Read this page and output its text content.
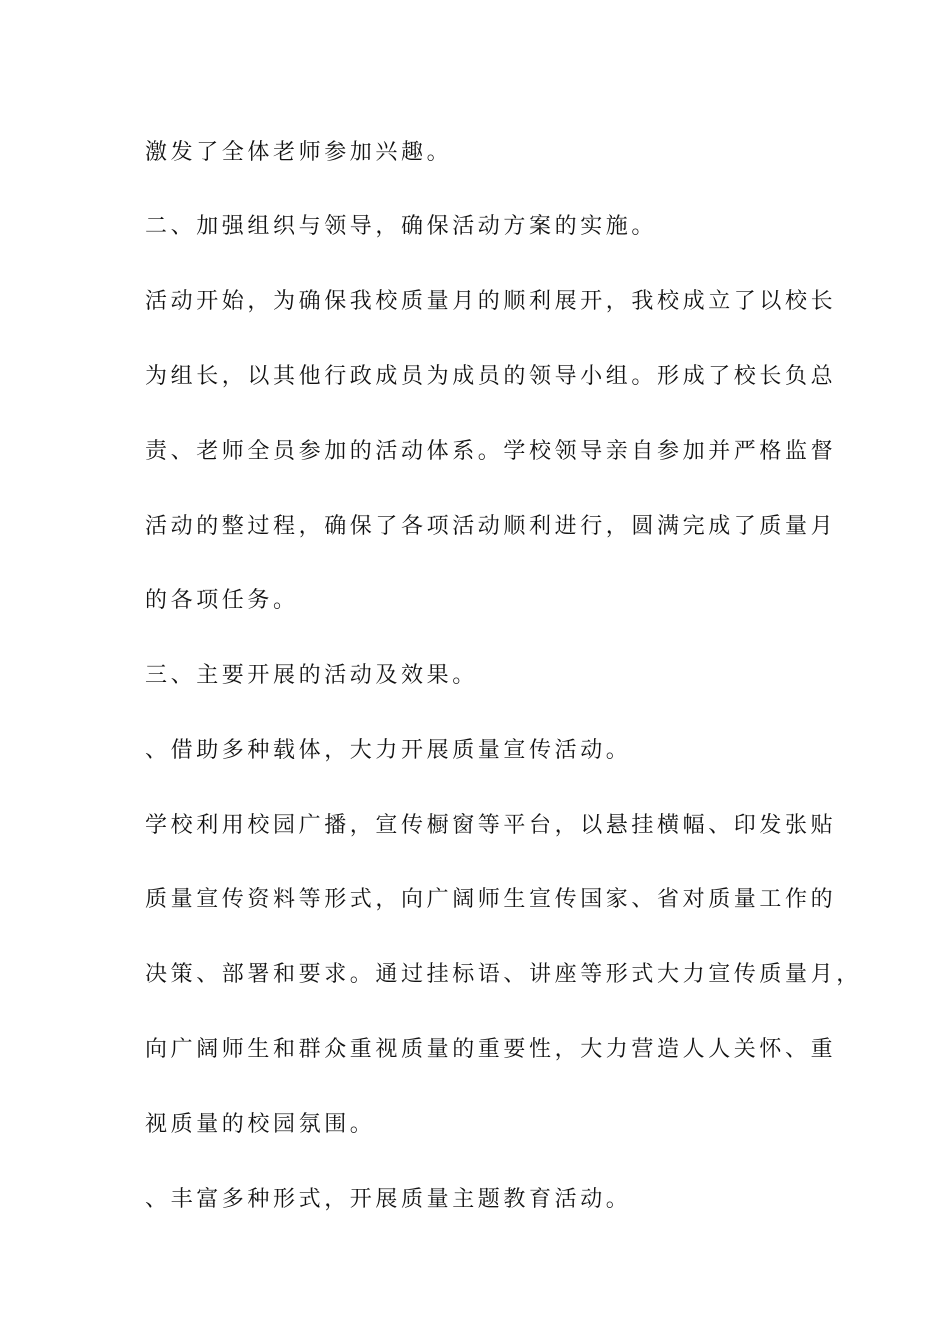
激发了全体老师参加兴趣。

二、加强组织与领导，确保活动方案的实施。

活动开始，为确保我校质量月的顺利展开，我校成立了以校长

为组长，以其他行政成员为成员的领导小组。形成了校长负总

责、老师全员参加的活动体系。学校领导亲自参加并严格监督

活动的整过程，确保了各项活动顺利进行，圆满完成了质量月

的各项任务。

三、主要开展的活动及效果。

、借助多种载体，大力开展质量宣传活动。

学校利用校园广播，宣传橱窗等平台，以悬挂横幅、印发张贴

质量宣传资料等形式，向广阔师生宣传国家、省对质量工作的

决策、部署和要求。通过挂标语、讲座等形式大力宣传质量月，

向广阔师生和群众重视质量的重要性，大力营造人人关怀、重

视质量的校园氛围。

、丰富多种形式，开展质量主题教育活动。
